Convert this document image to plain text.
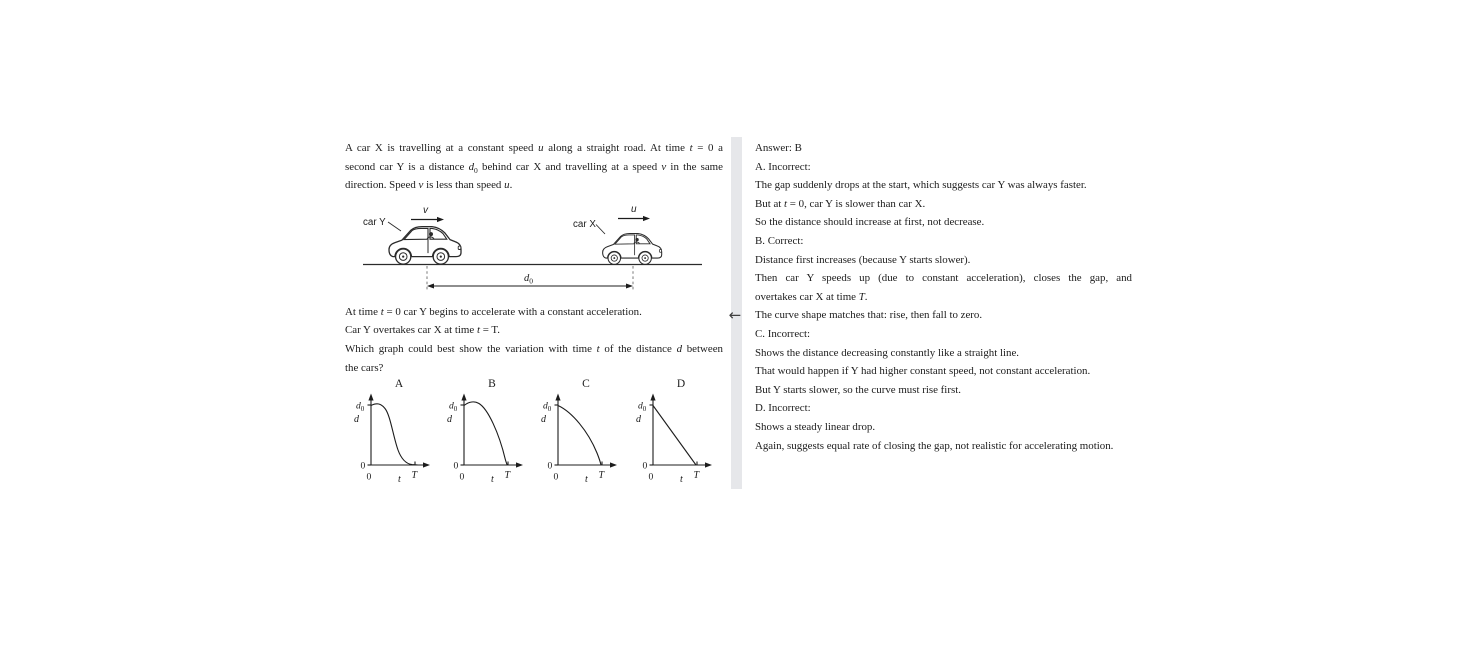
A car X is travelling at a constant speed u along a straight road. At time t = 0 a
second car Y is a distance $d_0$ behind car X and travelling at a speed v in the same
direction. Speed v is less than speed u.
car Y	car X
v	u
$d_0$
At time t = 0 car Y begins to accelerate with a constant acceleration.
Car Y overtakes car X at time t = T.
Which graph could best show the variation with time t of the distance d between
the cars?
A	B	C	D
←
Answer: B
A. Incorrect:
The gap suddenly drops at the start, which suggests car Y was always faster.
But at t = 0, car Y is slower than car X.
So the distance should increase at first, not decrease.
B. Correct:
Distance first increases (because Y starts slower).
Then car Y speeds up (due to constant acceleration), closes the gap, and
overtakes car X at time T.
The curve shape matches that: rise, then fall to zero.
C. Incorrect:
Shows the distance decreasing constantly like a straight line.
That would happen if Y had higher constant speed, not constant acceleration.
But Y starts slower, so the curve must rise first.
D. Incorrect:
Shows a steady linear drop.
Again, suggests equal rate of closing the gap, not realistic for accelerating motion.
